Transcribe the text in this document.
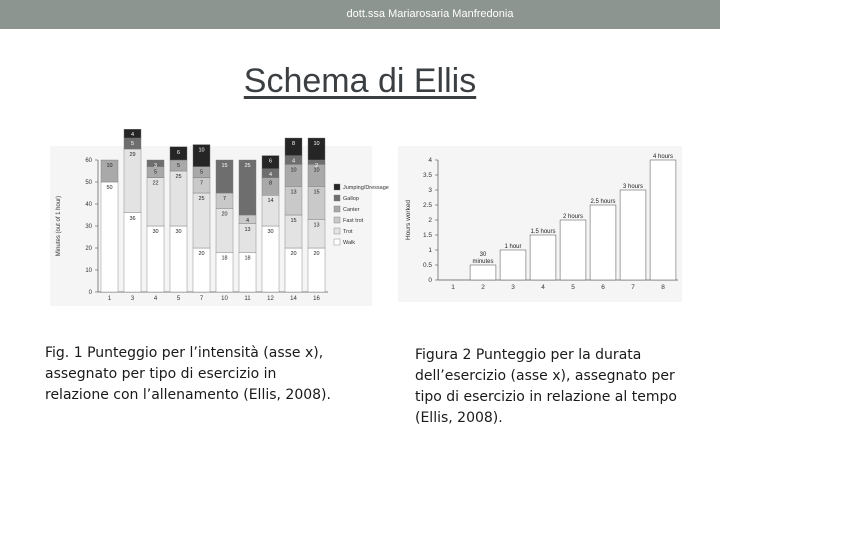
dott.ssa Mariarosaria Manfredonia
Schema di Ellis
Minutes (out of 1 hour)
0
10
20
30
40
50
60
50
10
1
36
29
5
4
3
30
22
5
3
4
30
25
5
6
5
20
25
7
5
10
7
18
20
7
15
10
18
13
4
25
11
30
14
8
4
6
12
20
15
13
10
4
8
14
20
13
15
10
2
10
16
Jumping/Dressage
Gallop
Canter
Fast trot
Trot
Walk
Hours worked
0
0.5
1
1.5
2
2.5
3
3.5
4
1	2
30
minutes
3
1 hour
4
1.5 hours
5
2 hours
6
2.5 hours
7
3 hours
8
4 hours
Fig. 1 Punteggio per l’intensità (asse x), assegnato per tipo di esercizio in relazione con l’allenamento (Ellis, 2008).
Figura 2 Punteggio per la durata dell’esercizio (asse x), assegnato per tipo di esercizio in relazione al tempo (Ellis, 2008).
